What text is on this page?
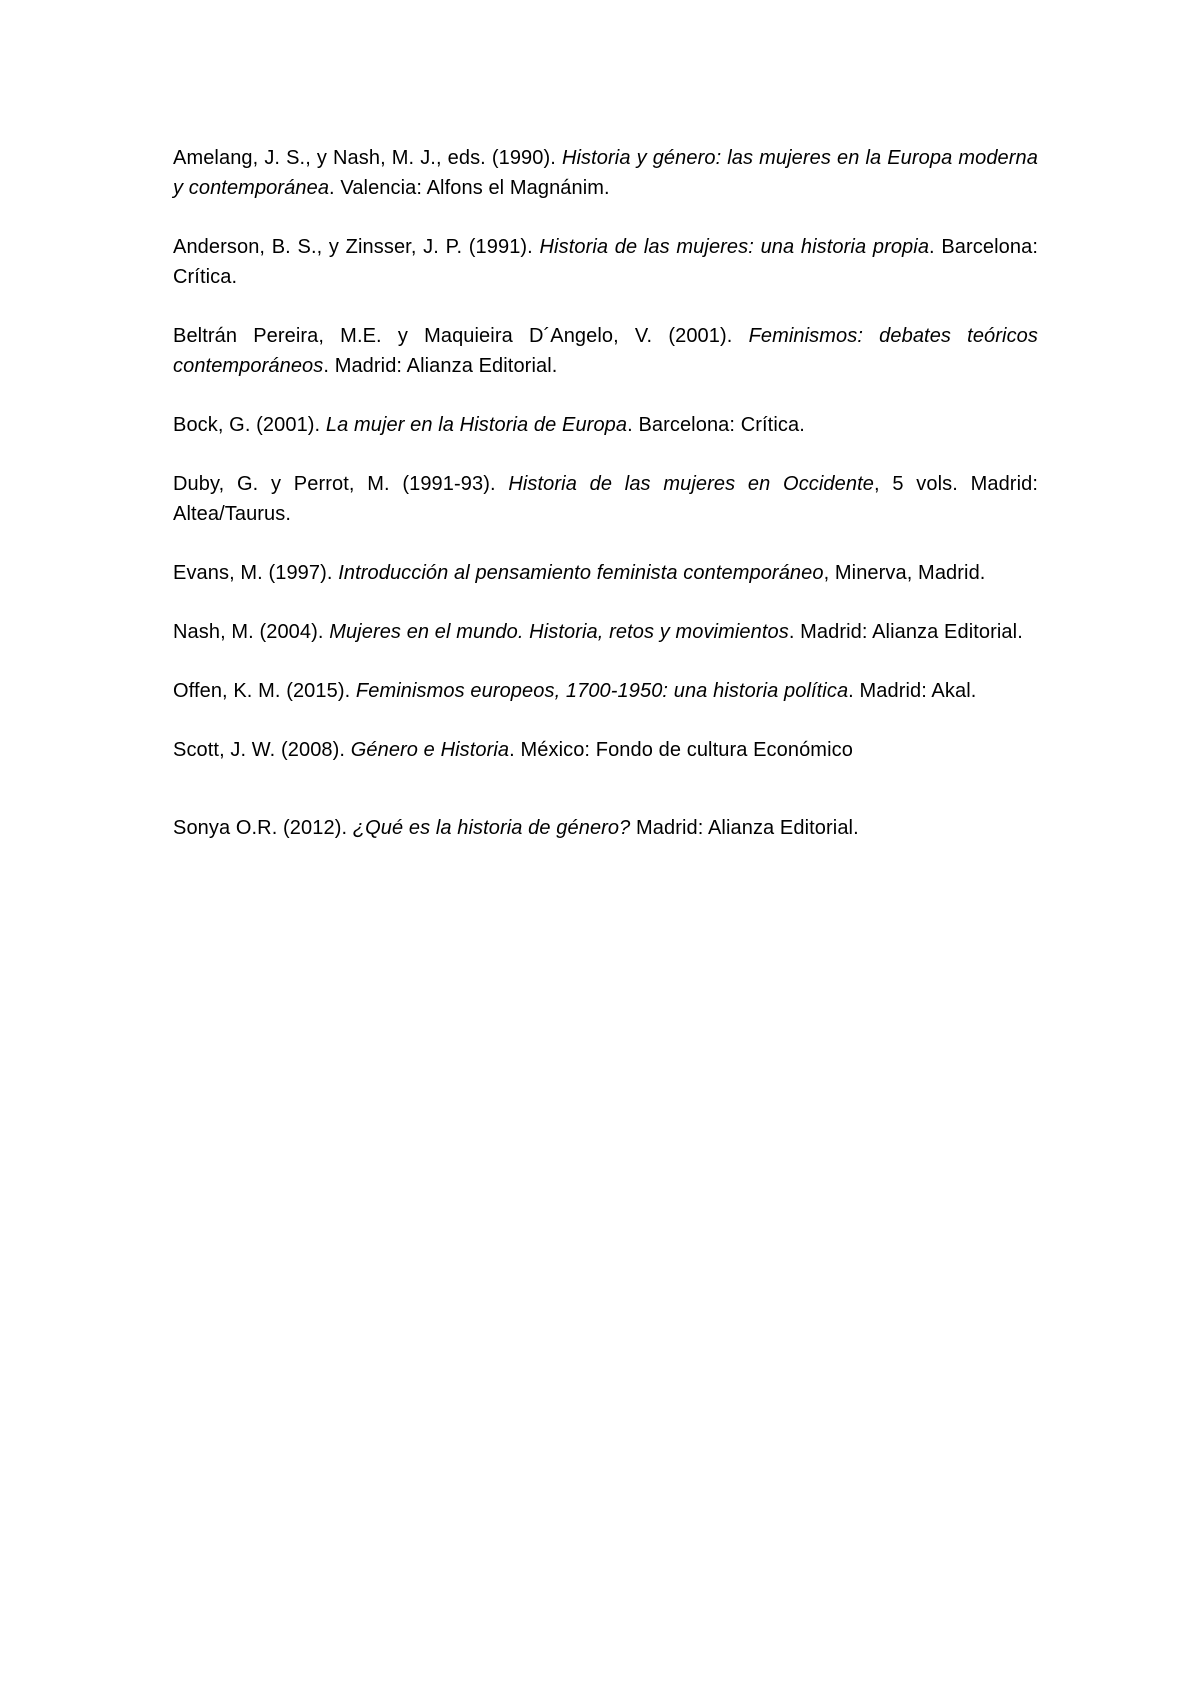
Amelang, J. S., y Nash, M. J., eds. (1990). Historia y género: las mujeres en la Europa moderna y contemporánea. Valencia: Alfons el Magnánim.

Anderson, B. S., y Zinsser, J. P. (1991). Historia de las mujeres: una historia propia. Barcelona: Crítica.

Beltrán Pereira, M.E. y Maquieira D´Angelo, V. (2001). Feminismos: debates teóricos contemporáneos. Madrid: Alianza Editorial.

Bock, G. (2001). La mujer en la Historia de Europa. Barcelona: Crítica.

Duby, G. y Perrot, M. (1991-93). Historia de las mujeres en Occidente, 5 vols. Madrid: Altea/Taurus.

Evans, M. (1997). Introducción al pensamiento feminista contemporáneo, Minerva, Madrid.

Nash, M. (2004). Mujeres en el mundo. Historia, retos y movimientos. Madrid: Alianza Editorial.

Offen, K. M. (2015). Feminismos europeos, 1700-1950: una historia política. Madrid: Akal.

Scott, J. W. (2008). Género e Historia. México: Fondo de cultura Económico

Sonya O.R. (2012). ¿Qué es la historia de género? Madrid: Alianza Editorial.
